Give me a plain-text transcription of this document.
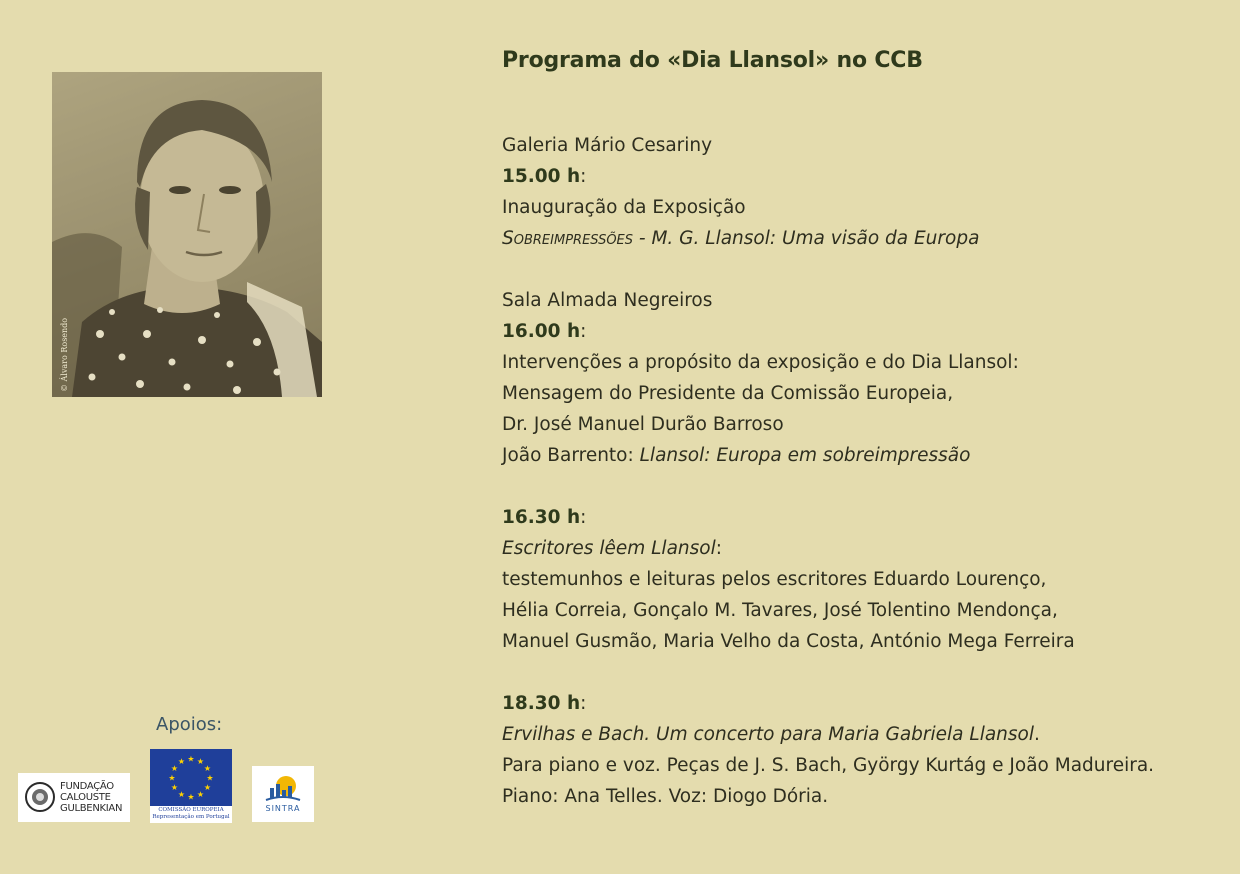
© Álvaro Rosendo
Programa do «Dia Llansol» no CCB
Galeria Mário Cesariny
15.00 h:
Inauguração da Exposição
Sobreimpressões - M. G. Llansol: Uma visão da Europa
Sala Almada Negreiros
16.00 h:
Intervenções a propósito da exposição e do Dia Llansol:
Mensagem do Presidente da Comissão Europeia,
Dr. José Manuel Durão Barroso
João Barrento: Llansol: Europa em sobreimpressão
16.30 h:
Escritores lêem Llansol:
testemunhos e leituras pelos escritores Eduardo Lourenço,
Hélia Correia, Gonçalo M. Tavares, José Tolentino Mendonça,
Manuel Gusmão, Maria Velho da Costa, António Mega Ferreira
18.30 h:
Ervilhas e Bach. Um concerto para Maria Gabriela Llansol.
Para piano e voz. Peças de J. S. Bach, György Kurtág e João Madureira.
Piano: Ana Telles. Voz: Diogo Dória.
Apoios:
FUNDAÇÃO
CALOUSTE
GULBENKIAN
★ ★
★
★
★
★
★
★
★
★
★
★
COMISSÃO EUROPEIA
Representação em Portugal
SINTRA
